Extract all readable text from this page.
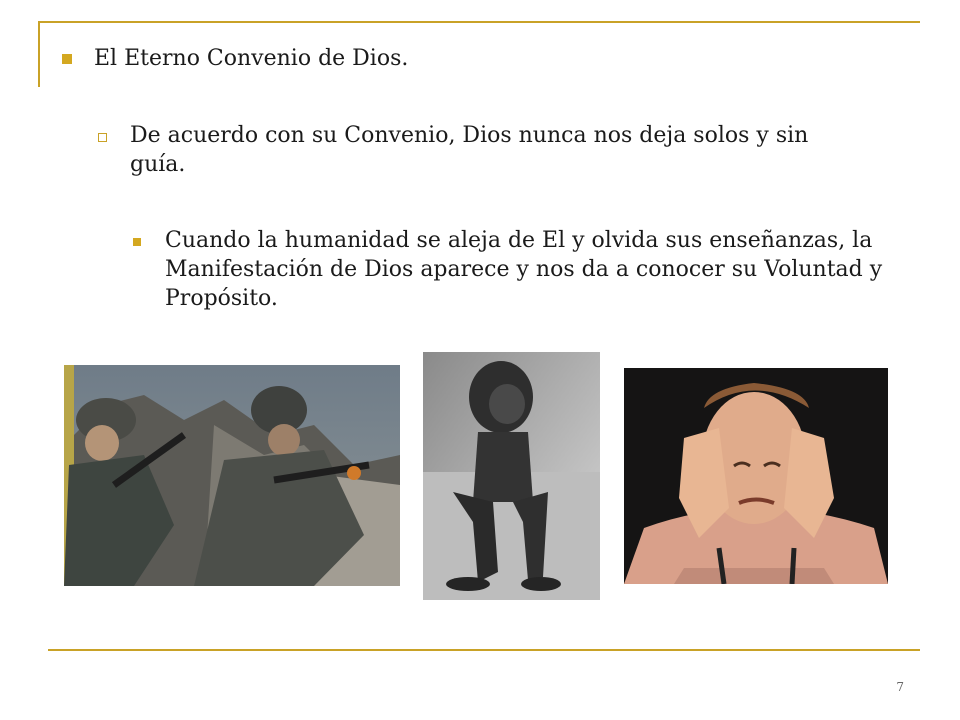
El Eterno Convenio de Dios.

De acuerdo con su Convenio, Dios nunca nos deja solos y sin guía.

Cuando la humanidad se aleja de El y olvida sus enseñanzas, la Manifestación de Dios aparece y nos da a conocer su Voluntad y Propósito.

7
